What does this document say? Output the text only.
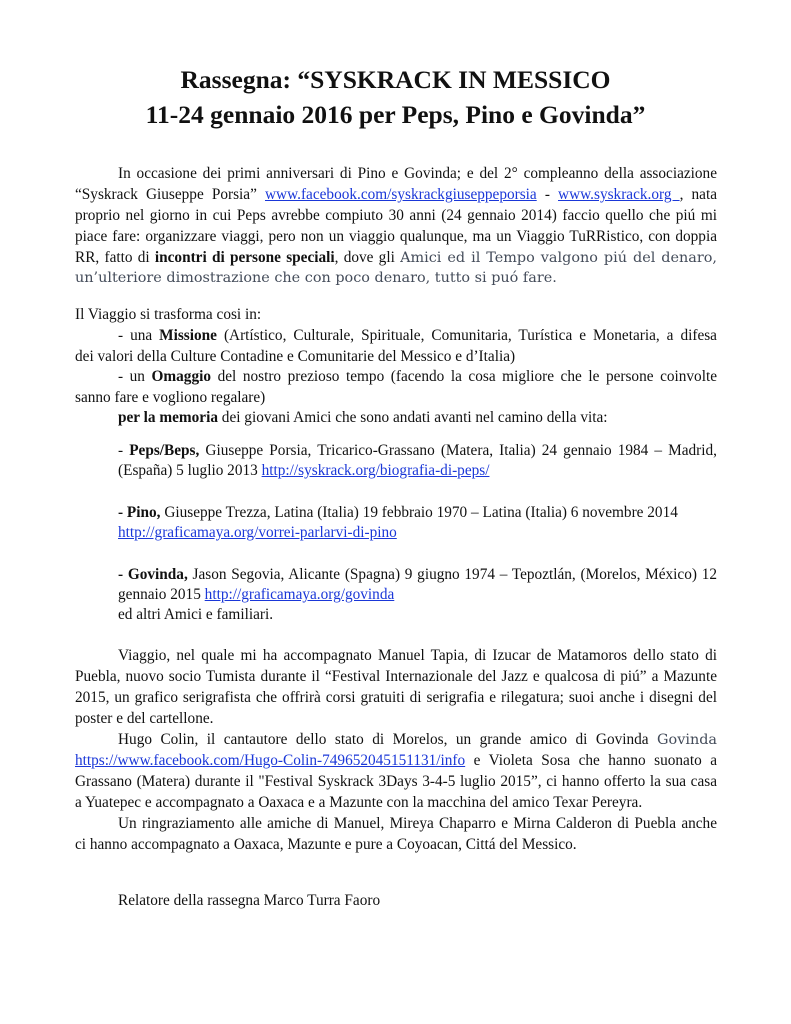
Rassegna: “SYSKRACK IN MESSICO
11-24 gennaio 2016 per Peps, Pino e Govinda”
In occasione dei primi anniversari di Pino e Govinda; e del 2° compleanno della associazione
“Syskrack Giuseppe Porsia” www.facebook.com/syskrackgiuseppeporsia - www.syskrack.org , nata
proprio nel giorno in cui Peps avrebbe compiuto 30 anni (24 gennaio 2014) faccio quello che piú mi
piace fare: organizzare viaggi, pero non un viaggio qualunque, ma un Viaggio TuRRistico, con doppia
RR, fatto di incontri di persone speciali, dove gli Amici ed il Tempo valgono piú del denaro,
un’ulteriore dimostrazione che con poco denaro, tutto si puó fare.
Il Viaggio si trasforma cosi in:
- una Missione (Artístico, Culturale, Spirituale, Comunitaria, Turística e Monetaria, a difesa
dei valori della Culture Contadine e Comunitarie del Messico e d’Italia)
- un Omaggio del nostro prezioso tempo (facendo la cosa migliore che le persone coinvolte
sanno fare e vogliono regalare)
per la memoria dei giovani Amici che sono andati avanti nel camino della vita:
- Peps/Beps, Giuseppe Porsia, Tricarico-Grassano (Matera, Italia) 24 gennaio 1984 – Madrid,
(España) 5 luglio 2013 http://syskrack.org/biografia-di-peps/
- Pino, Giuseppe Trezza, Latina (Italia) 19 febbraio 1970 – Latina (Italia) 6 novembre 2014
http://graficamaya.org/vorrei-parlarvi-di-pino
- Govinda, Jason Segovia, Alicante (Spagna) 9 giugno 1974 – Tepoztlán, (Morelos, México) 12
gennaio 2015 http://graficamaya.org/govinda
ed altri Amici e familiari.
Viaggio, nel quale mi ha accompagnato Manuel Tapia, di Izucar de Matamoros dello stato di
Puebla, nuovo socio Tumista durante il “Festival Internazionale del Jazz e qualcosa di piú” a Mazunte
2015, un grafico serigrafista che offrirà corsi gratuiti di serigrafia e rilegatura; suoi anche i disegni del
poster e del cartellone.
Hugo Colin, il cantautore dello stato di Morelos, un grande amico di Govinda Govinda
https://www.facebook.com/Hugo-Colin-749652045151131/info e Violeta Sosa che hanno suonato a
Grassano (Matera) durante il "Festival Syskrack 3Days 3-4-5 luglio 2015”, ci hanno offerto la sua casa
a Yuatepec e accompagnato a Oaxaca e a Mazunte con la macchina del amico Texar Pereyra.
Un ringraziamento alle amiche di Manuel, Mireya Chaparro e Mirna Calderon di Puebla anche
ci hanno accompagnato a Oaxaca, Mazunte e pure a Coyoacan, Cittá del Messico.
Relatore della rassegna Marco Turra Faoro
